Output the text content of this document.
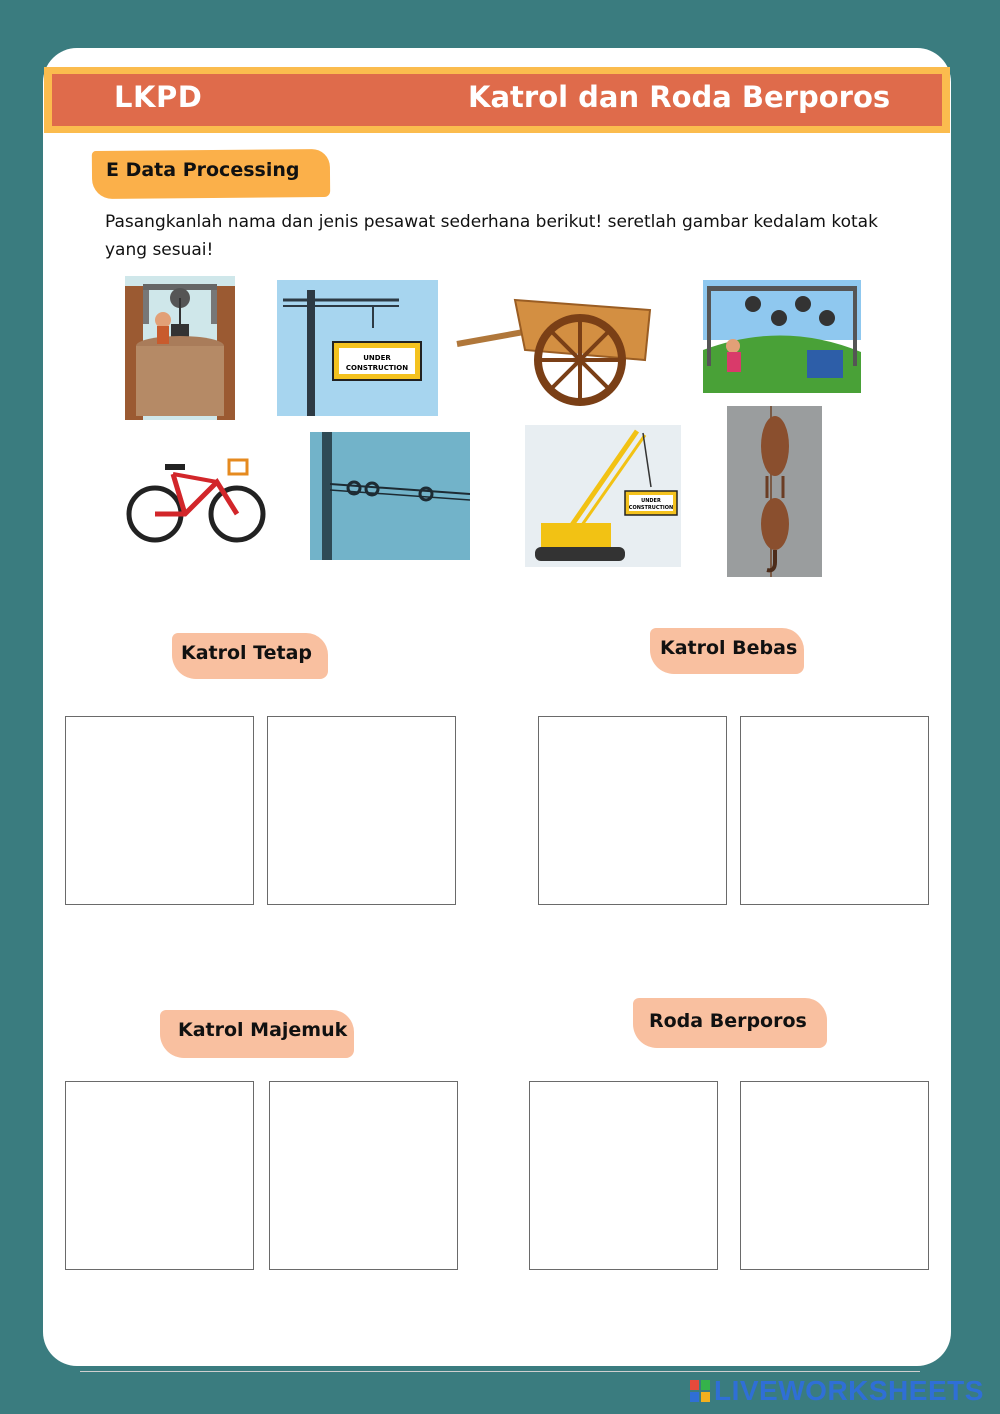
LKPD	Katrol dan Roda Berporos
E Data Processing
Pasangkanlah nama dan jenis pesawat sederhana berikut! seretlah gambar kedalam kotak yang sesuai!
UNDER
CONSTRUCTION
UNDER
CONSTRUCTION
Katrol Tetap	Katrol Bebas
Katrol Majemuk	Roda Berporos
LIVEWORKSHEETS
